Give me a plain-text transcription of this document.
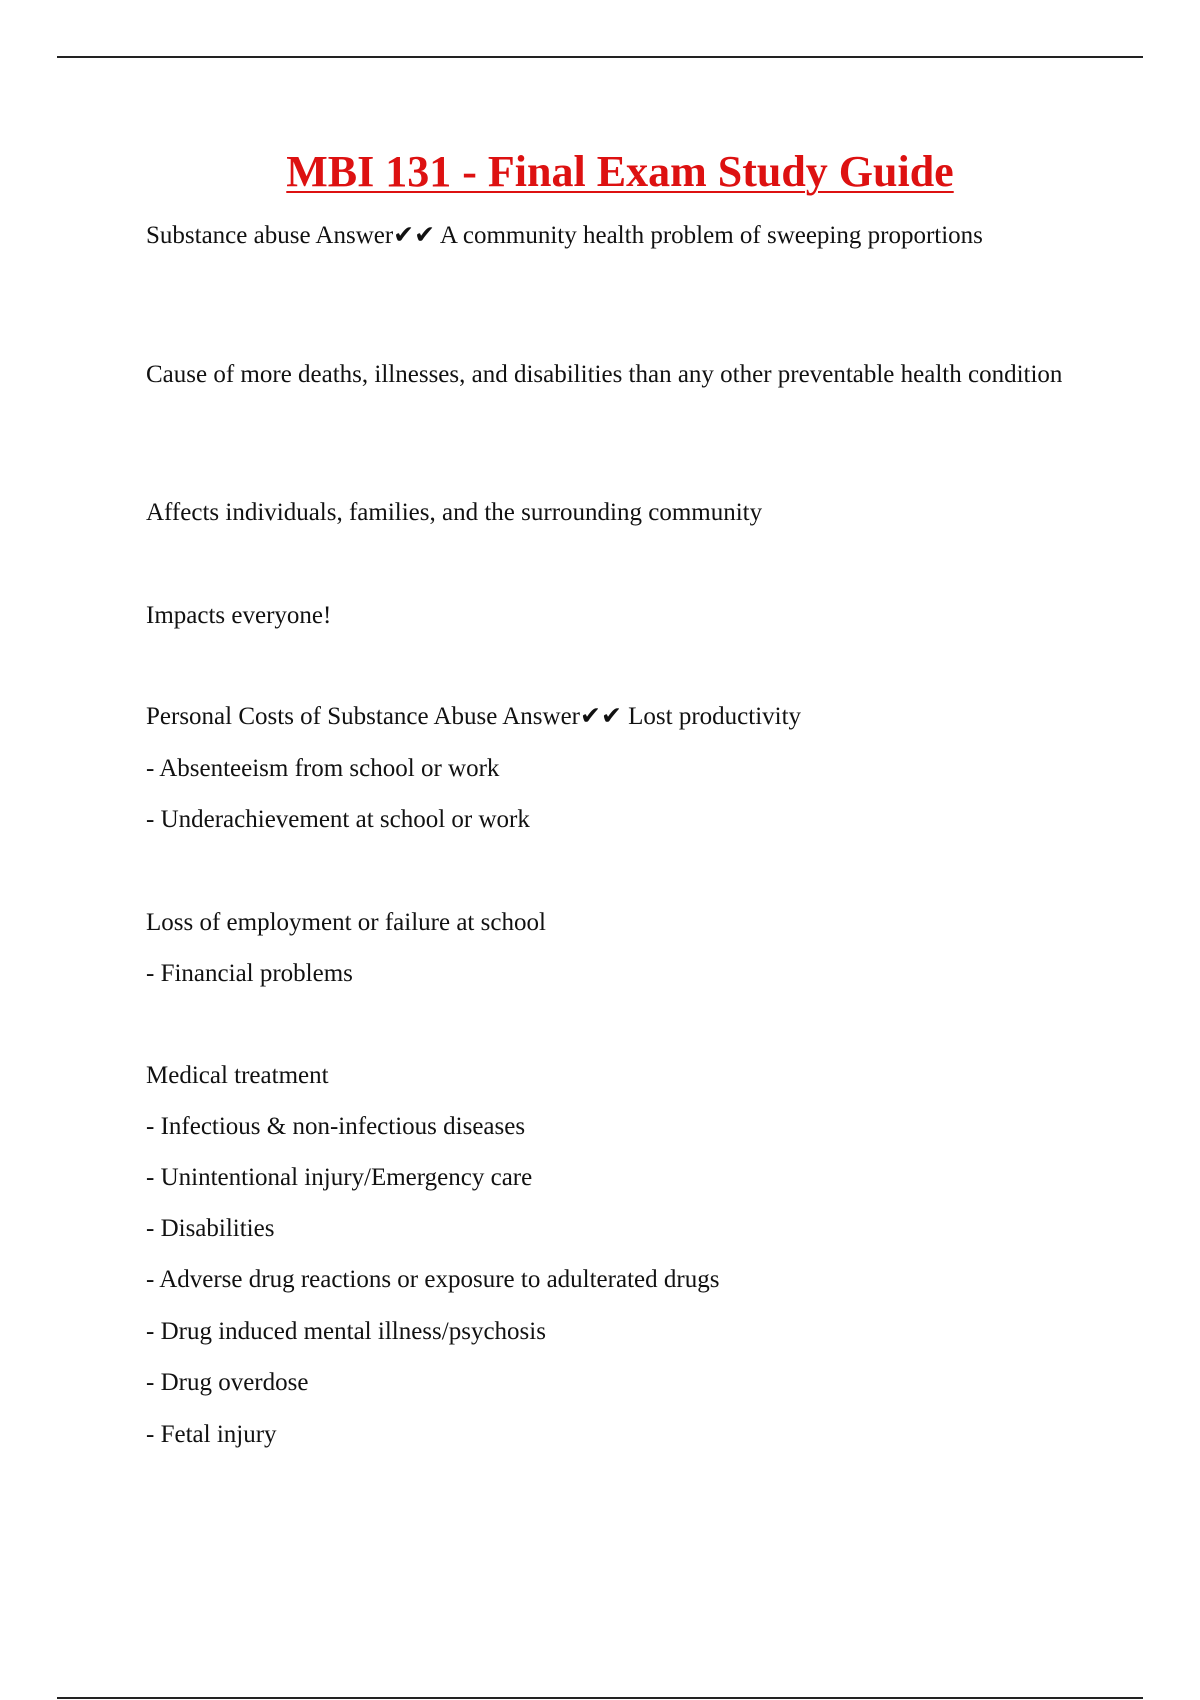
MBI 131 - Final Exam Study Guide
Substance abuse Answer✔✔ A community health problem of sweeping proportions
Cause of more deaths, illnesses, and disabilities than any other preventable health condition
Affects individuals, families, and the surrounding community
Impacts everyone!
Personal Costs of Substance Abuse Answer✔✔ Lost productivity
- Absenteeism from school or work
- Underachievement at school or work
Loss of employment or failure at school
- Financial problems
Medical treatment
- Infectious & non-infectious diseases
- Unintentional injury/Emergency care
- Disabilities
- Adverse drug reactions or exposure to adulterated drugs
- Drug induced mental illness/psychosis
- Drug overdose
- Fetal injury
